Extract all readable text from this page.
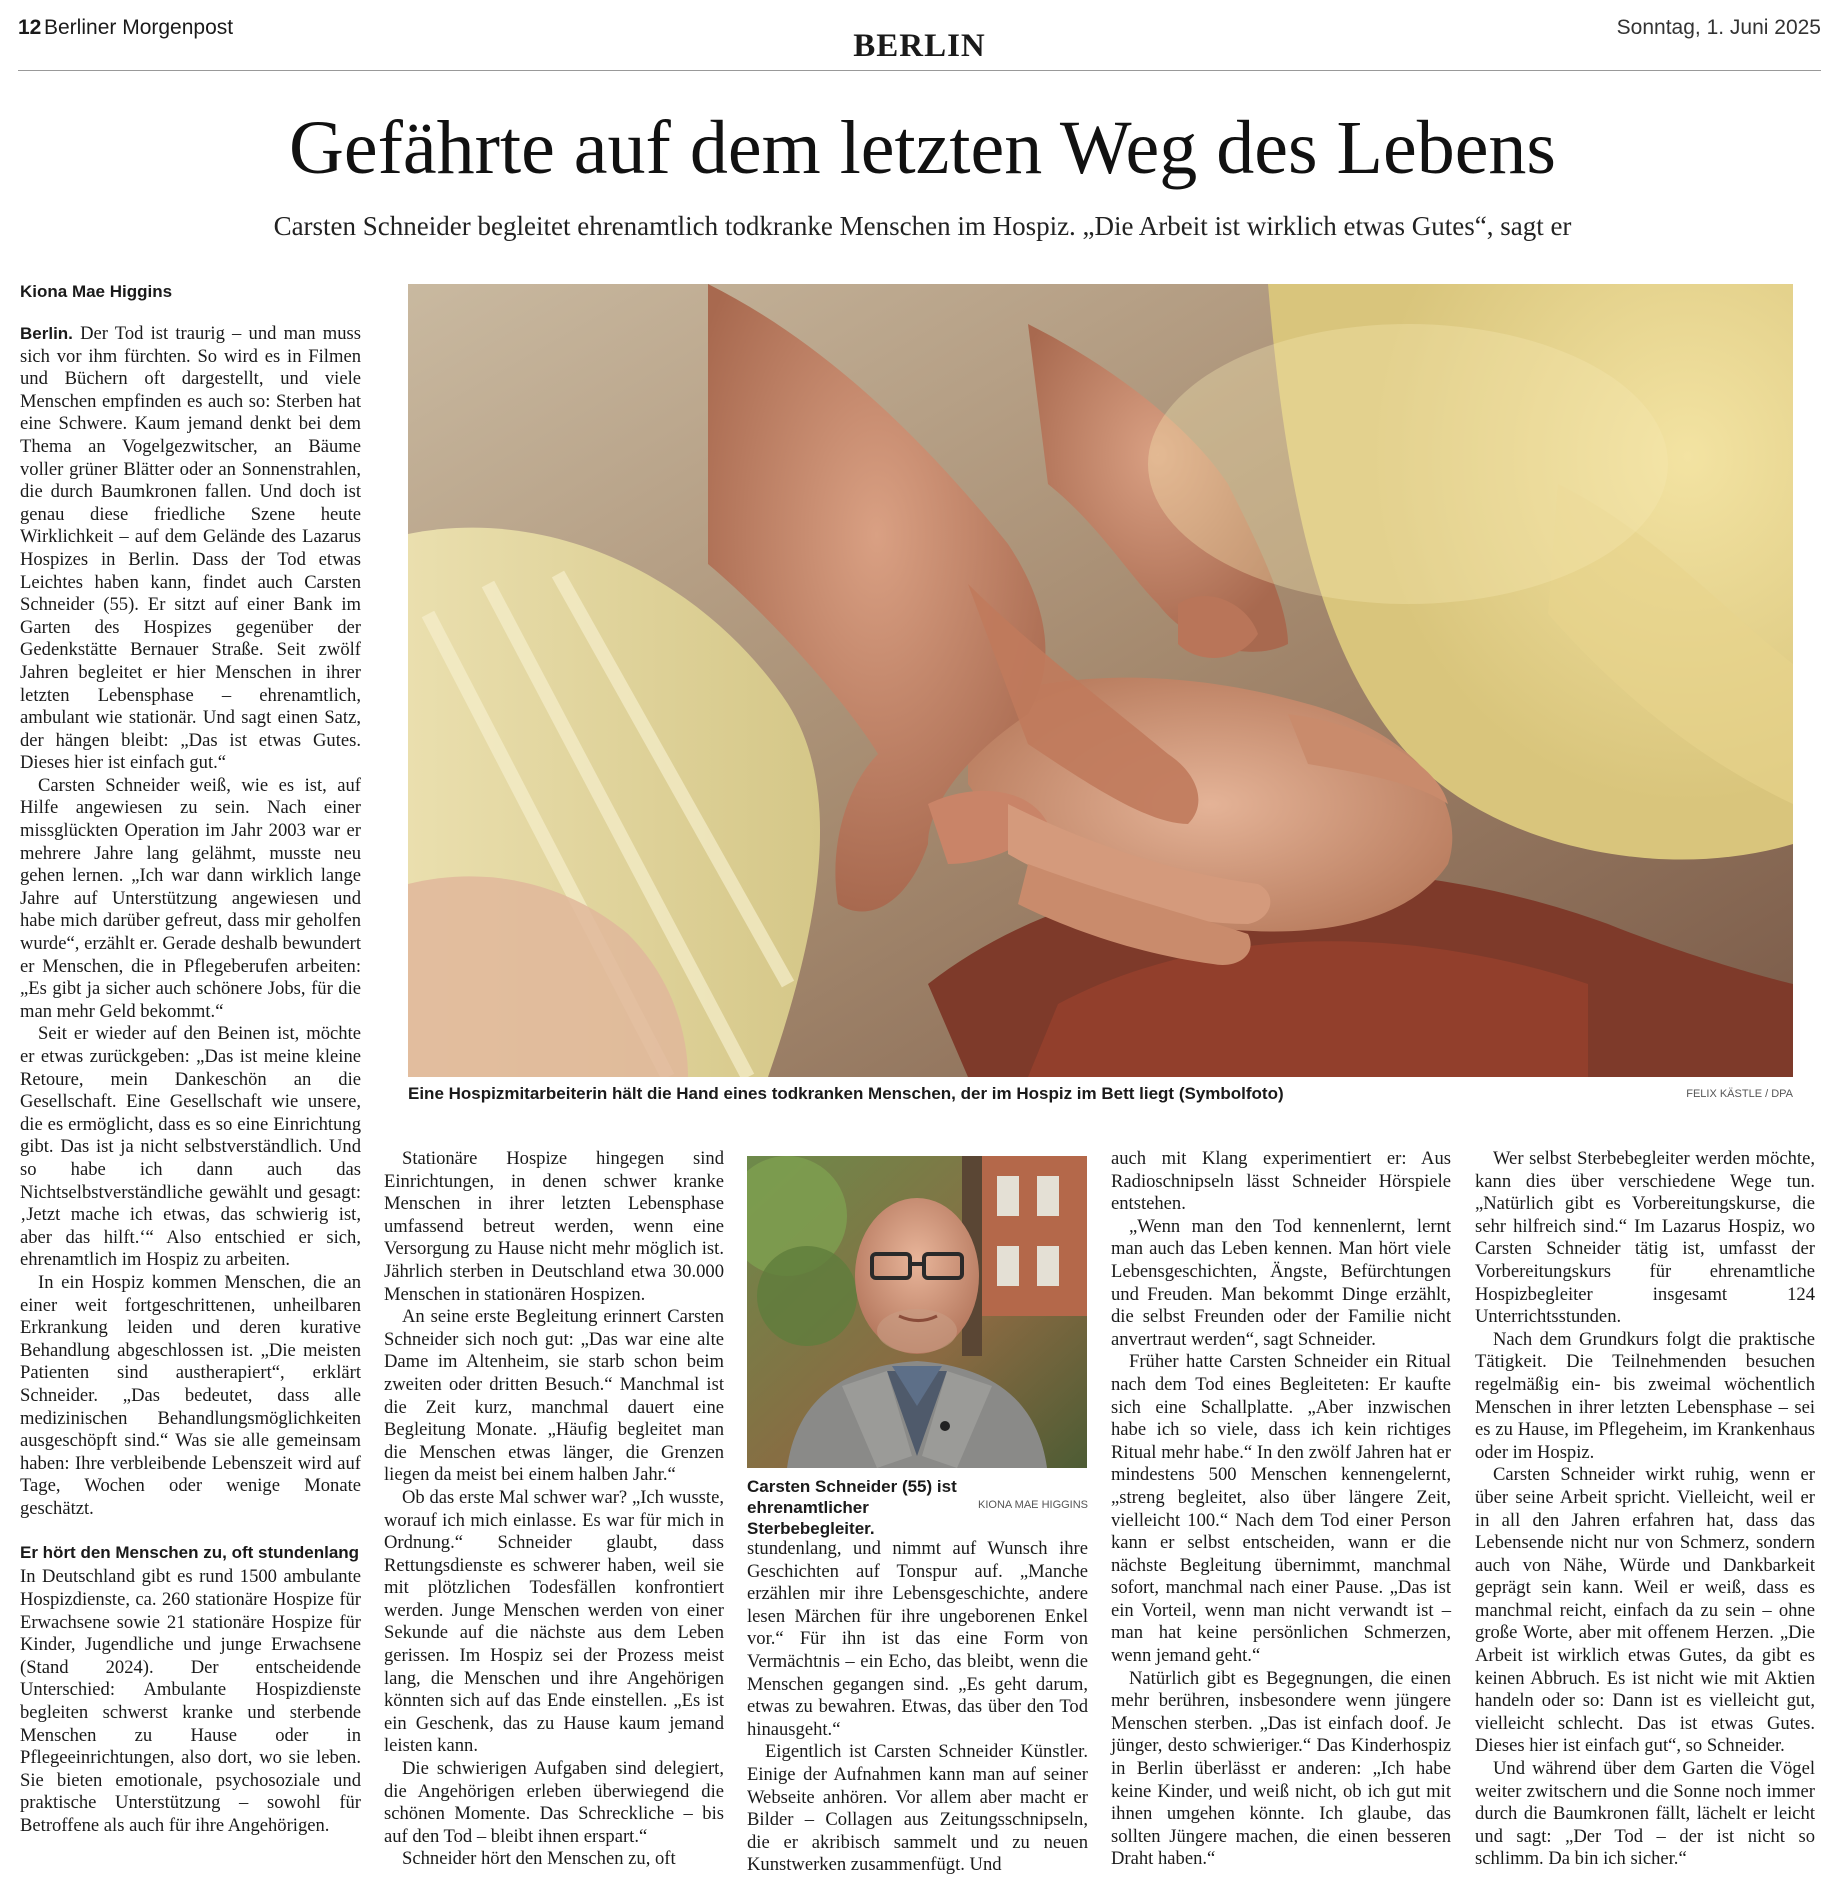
12 Berliner Morgenpost
BERLIN
Sonntag, 1. Juni 2025
Gefährte auf dem letzten Weg des Lebens
Carsten Schneider begleitet ehrenamtlich todkranke Menschen im Hospiz. „Die Arbeit ist wirklich etwas Gutes“, sagt er
Kiona Mae Higgins

Berlin. Der Tod ist traurig – und man muss sich vor ihm fürchten. So wird es in Filmen und Büchern oft dargestellt, und viele Menschen empfinden es auch so: Sterben hat eine Schwere. Kaum jemand denkt bei dem Thema an Vogelgezwitscher, an Bäume voller grüner Blätter oder an Sonnenstrahlen, die durch Baumkronen fallen. Und doch ist genau diese friedliche Szene heute Wirklichkeit – auf dem Gelände des Lazarus Hospizes in Berlin. Dass der Tod etwas Leichtes haben kann, findet auch Carsten Schneider (55). Er sitzt auf einer Bank im Garten des Hospizes gegenüber der Gedenkstätte Bernauer Straße. Seit zwölf Jahren begleitet er hier Menschen in ihrer letzten Lebensphase – ehrenamtlich, ambulant wie stationär. Und sagt einen Satz, der hängen bleibt: „Das ist etwas Gutes. Dieses hier ist einfach gut.“

Carsten Schneider weiß, wie es ist, auf Hilfe angewiesen zu sein. Nach einer missglückten Operation im Jahr 2003 war er mehrere Jahre lang gelähmt, musste neu gehen lernen. „Ich war dann wirklich lange Jahre auf Unterstützung angewiesen und habe mich darüber gefreut, dass mir geholfen wurde“, erzählt er. Gerade deshalb bewundert er Menschen, die in Pflegeberufen arbeiten: „Es gibt ja sicher auch schönere Jobs, für die man mehr Geld bekommt.“

Seit er wieder auf den Beinen ist, möchte er etwas zurückgeben: „Das ist meine kleine Retoure, mein Dankeschön an die Gesellschaft. Eine Gesellschaft wie unsere, die es ermöglicht, dass es so eine Einrichtung gibt. Das ist ja nicht selbstverständlich. Und so habe ich dann auch das Nichtselbstverständliche gewählt und gesagt: ‚Jetzt mache ich etwas, das schwierig ist, aber das hilft.‘“ Also entschied er sich, ehrenamtlich im Hospiz zu arbeiten.

In ein Hospiz kommen Menschen, die an einer weit fortgeschrittenen, unheilbaren Erkrankung leiden und deren kurative Behandlung abgeschlossen ist. „Die meisten Patienten sind austherapiert“, erklärt Schneider. „Das bedeutet, dass alle medizinischen Behandlungsmöglichkeiten ausgeschöpft sind.“ Was sie alle gemeinsam haben: Ihre verbleibende Lebenszeit wird auf Tage, Wochen oder wenige Monate geschätzt.

Er hört den Menschen zu, oft stundenlang

In Deutschland gibt es rund 1500 ambulante Hospizdienste, ca. 260 stationäre Hospize für Erwachsene sowie 21 stationäre Hospize für Kinder, Jugendliche und junge Erwachsene (Stand 2024). Der entscheidende Unterschied: Ambulante Hospizdienste begleiten schwerst kranke und sterbende Menschen zu Hause oder in Pflegeeinrichtungen, also dort, wo sie leben. Sie bieten emotionale, psychosoziale und praktische Unterstützung – sowohl für Betroffene als auch für ihre Angehörigen.

Eine Hospizmitarbeiterin hält die Hand eines todkranken Menschen, der im Hospiz im Bett liegt (Symbolfoto)	FELIX KÄSTLE / DPA

Stationäre Hospize hingegen sind Einrichtungen, in denen schwer kranke Menschen in ihrer letzten Lebensphase umfassend betreut werden, wenn eine Versorgung zu Hause nicht mehr möglich ist. Jährlich sterben in Deutschland etwa 30.000 Menschen in stationären Hospizen.

An seine erste Begleitung erinnert Carsten Schneider sich noch gut: „Das war eine alte Dame im Altenheim, sie starb schon beim zweiten oder dritten Besuch.“ Manchmal ist die Zeit kurz, manchmal dauert eine Begleitung Monate. „Häufig begleitet man die Menschen etwas länger, die Grenzen liegen da meist bei einem halben Jahr.“

Ob das erste Mal schwer war? „Ich wusste, worauf ich mich einlasse. Es war für mich in Ordnung.“ Schneider glaubt, dass Rettungsdienste es schwerer haben, weil sie mit plötzlichen Todesfällen konfrontiert werden. Junge Menschen werden von einer Sekunde auf die nächste aus dem Leben gerissen. Im Hospiz sei der Prozess meist lang, die Menschen und ihre Angehörigen könnten sich auf das Ende einstellen. „Es ist ein Geschenk, das zu Hause kaum jemand leisten kann.

Die schwierigen Aufgaben sind delegiert, die Angehörigen erleben überwiegend die schönen Momente. Das Schreckliche – bis auf den Tod – bleibt ihnen erspart.“

Schneider hört den Menschen zu, oft

Carsten Schneider (55) ist ehrenamtlicher Sterbebegleiter.
KIONA MAE HIGGINS

stundenlang, und nimmt auf Wunsch ihre Geschichten auf Tonspur auf. „Manche erzählen mir ihre Lebensgeschichte, andere lesen Märchen für ihre ungeborenen Enkel vor.“ Für ihn ist das eine Form von Vermächtnis – ein Echo, das bleibt, wenn die Menschen gegangen sind. „Es geht darum, etwas zu bewahren. Etwas, das über den Tod hinausgeht.“

Eigentlich ist Carsten Schneider Künstler. Einige der Aufnahmen kann man auf seiner Webseite anhören. Vor allem aber macht er Bilder – Collagen aus Zeitungsschnipseln, die er akribisch sammelt und zu neuen Kunstwerken zusammenfügt. Und

auch mit Klang experimentiert er: Aus Radioschnipseln lässt Schneider Hörspiele entstehen.

„Wenn man den Tod kennenlernt, lernt man auch das Leben kennen. Man hört viele Lebensgeschichten, Ängste, Befürchtungen und Freuden. Man bekommt Dinge erzählt, die selbst Freunden oder der Familie nicht anvertraut werden“, sagt Schneider.

Früher hatte Carsten Schneider ein Ritual nach dem Tod eines Begleiteten: Er kaufte sich eine Schallplatte. „Aber inzwischen habe ich so viele, dass ich kein richtiges Ritual mehr habe.“ In den zwölf Jahren hat er mindestens 500 Menschen kennengelernt, „streng begleitet, also über längere Zeit, vielleicht 100.“ Nach dem Tod einer Person kann er selbst entscheiden, wann er die nächste Begleitung übernimmt, manchmal sofort, manchmal nach einer Pause. „Das ist ein Vorteil, wenn man nicht verwandt ist – man hat keine persönlichen Schmerzen, wenn jemand geht.“

Natürlich gibt es Begegnungen, die einen mehr berühren, insbesondere wenn jüngere Menschen sterben. „Das ist einfach doof. Je jünger, desto schwieriger.“ Das Kinderhospiz in Berlin überlässt er anderen: „Ich habe keine Kinder, und weiß nicht, ob ich gut mit ihnen umgehen könnte. Ich glaube, das sollten Jüngere machen, die einen besseren Draht haben.“

Wer selbst Sterbebegleiter werden möchte, kann dies über verschiedene Wege tun. „Natürlich gibt es Vorbereitungskurse, die sehr hilfreich sind.“ Im Lazarus Hospiz, wo Carsten Schneider tätig ist, umfasst der Vorbereitungskurs für ehrenamtliche Hospizbegleiter insgesamt 124 Unterrichtsstunden.

Nach dem Grundkurs folgt die praktische Tätigkeit. Die Teilnehmenden besuchen regelmäßig ein- bis zweimal wöchentlich Menschen in ihrer letzten Lebensphase – sei es zu Hause, im Pflegeheim, im Krankenhaus oder im Hospiz.

Carsten Schneider wirkt ruhig, wenn er über seine Arbeit spricht. Vielleicht, weil er in all den Jahren erfahren hat, dass das Lebensende nicht nur von Schmerz, sondern auch von Nähe, Würde und Dankbarkeit geprägt sein kann. Weil er weiß, dass es manchmal reicht, einfach da zu sein – ohne große Worte, aber mit offenem Herzen. „Die Arbeit ist wirklich etwas Gutes, da gibt es keinen Abbruch. Es ist nicht wie mit Aktien handeln oder so: Dann ist es vielleicht gut, vielleicht schlecht. Das ist etwas Gutes. Dieses hier ist einfach gut“, so Schneider.

Und während über dem Garten die Vögel weiter zwitschern und die Sonne noch immer durch die Baumkronen fällt, lächelt er leicht und sagt: „Der Tod – der ist nicht so schlimm. Da bin ich sicher.“
